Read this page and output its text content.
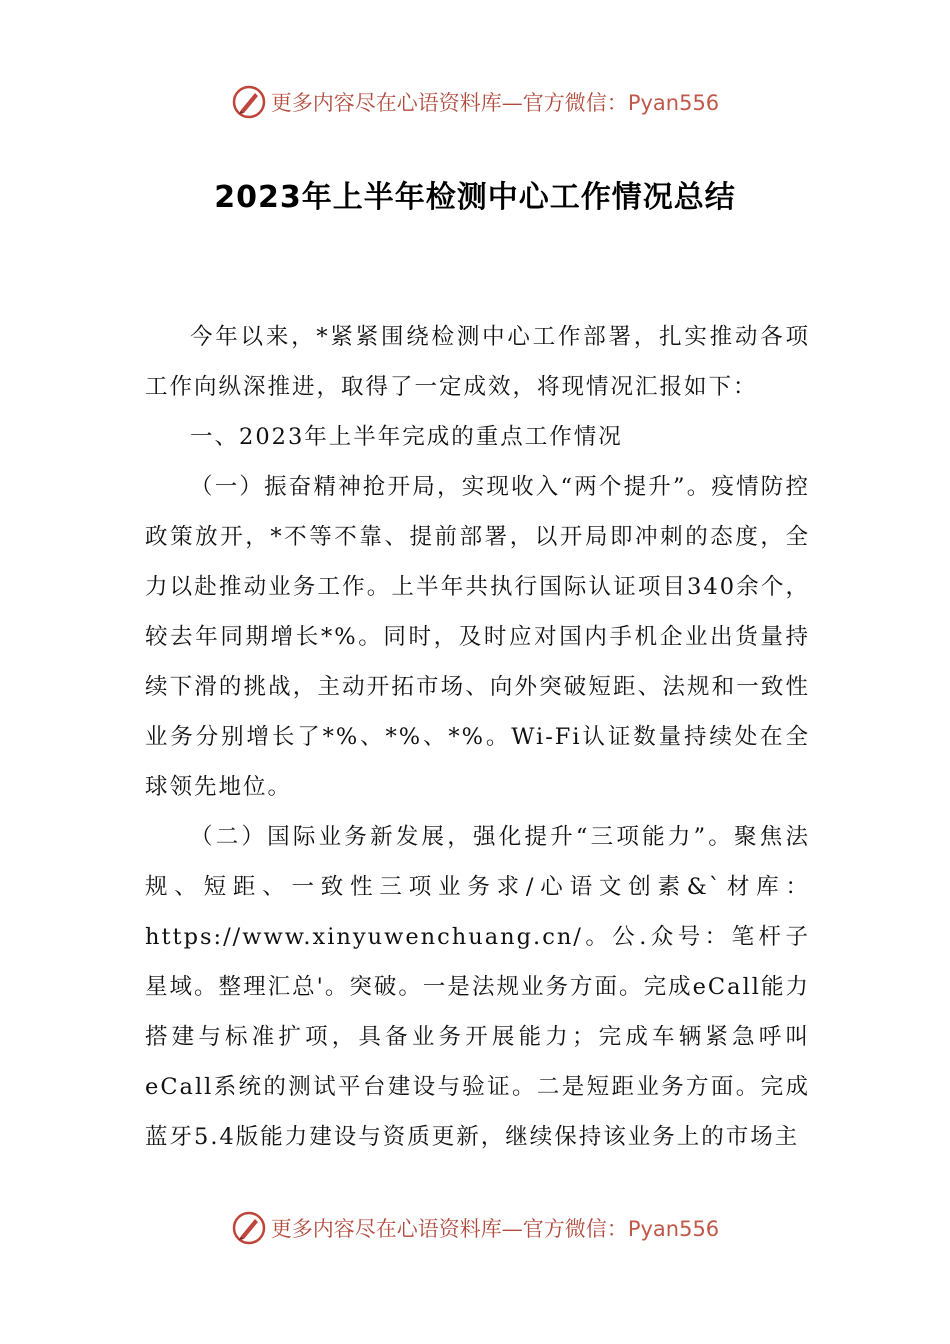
更多内容尽在心语资料库—官方微信：Pyan556
2023年上半年检测中心工作情况总结

今年以来，*紧紧围绕检测中心工作部署，扎实推动各项工作向纵深推进，取得了一定成效，将现情况汇报如下：

一、2023年上半年完成的重点工作情况

（一）振奋精神抢开局，实现收入“两个提升”。疫情防控政策放开，*不等不靠、提前部署，以开局即冲刺的态度，全力以赴推动业务工作。上半年共执行国际认证项目340余个，较去年同期增长*%。同时，及时应对国内手机企业出货量持续下滑的挑战，主动开拓市场、向外突破短距、法规和一致性业务分别增长了*%、*%、*%。Wi-Fi认证数量持续处在全球领先地位。

（二）国际业务新发展，强化提升“三项能力”。聚焦法规、短距、一致性三项业务求/心语文创素&`材库：https://www.xinyuwenchuang.cn/。公.众号：笔杆子星域。整理汇总'。突破。一是法规业务方面。完成eCall能力搭建与标准扩项，具备业务开展能力；完成车辆紧急呼叫eCall系统的测试平台建设与验证。二是短距业务方面。完成蓝牙5.4版能力建设与资质更新，继续保持该业务上的市场主

更多内容尽在心语资料库—官方微信：Pyan556
